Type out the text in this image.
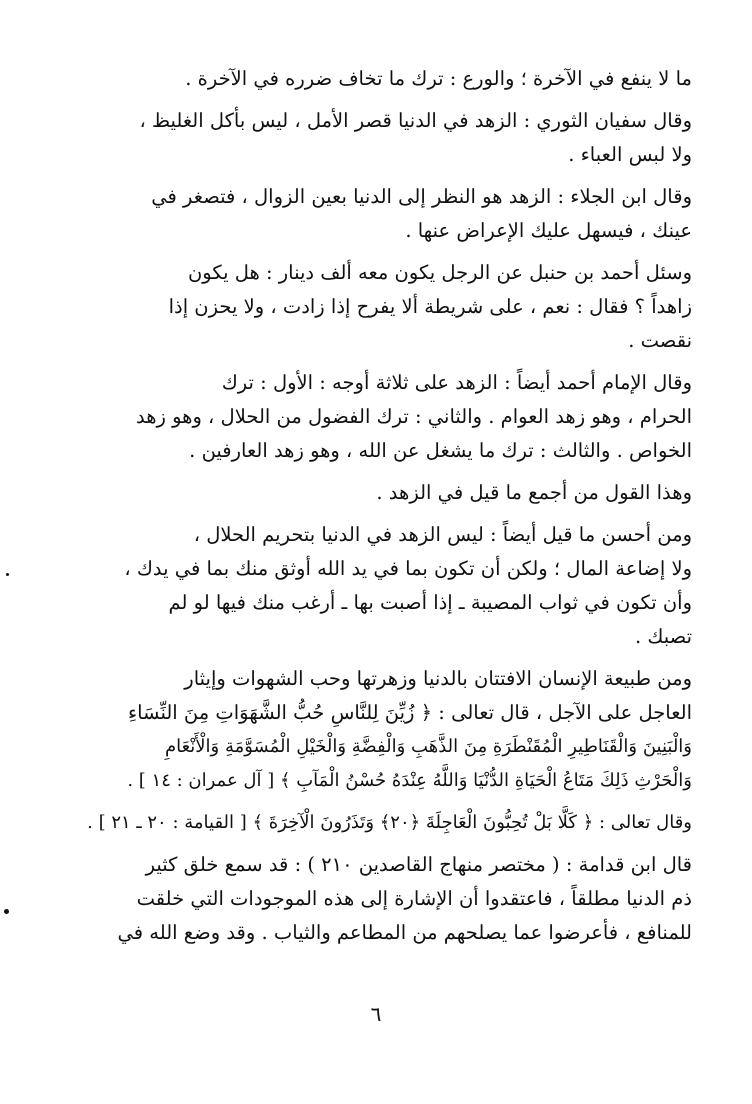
ما لا ينفع في الآخرة ؛ والورع : ترك ما تخاف ضرره في الآخرة .

وقال سفيان الثوري : الزهد في الدنيا قصر الأمل ، ليس بأكل الغليظ ،
ولا لبس العباء .

وقال ابن الجلاء : الزهد هو النظر إلى الدنيا بعين الزوال ، فتصغر في
عينك ، فيسهل عليك الإعراض عنها .

وسئل أحمد بن حنبل عن الرجل يكون معه ألف دينار : هل يكون
زاهداً ؟ فقال : نعم ، على شريطة ألا يفرح إذا زادت ، ولا يحزن إذا
نقصت .

وقال الإمام أحمد أيضاً : الزهد على ثلاثة أوجه : الأول : ترك
الحرام ، وهو زهد العوام . والثاني : ترك الفضول من الحلال ، وهو زهد
الخواص . والثالث : ترك ما يشغل عن الله ، وهو زهد العارفين .

وهذا القول من أجمع ما قيل في الزهد .

ومن أحسن ما قيل أيضاً : ليس الزهد في الدنيا بتحريم الحلال ،
ولا إضاعة المال ؛ ولكن أن تكون بما في يد الله أوثق منك بما في يدك ،
وأن تكون في ثواب المصيبة ـ إذا أصبت بها ـ أرغب منك فيها لو لم
تصبك .

ومن طبيعة الإنسان الافتتان بالدنيا وزهرتها وحب الشهوات وإيثار
العاجل على الآجل ، قال تعالى : ﴿ زُيِّنَ لِلنَّاسِ حُبُّ الشَّهَوَاتِ مِنَ النِّسَاءِ
وَالْبَنِينَ وَالْقَنَاطِيرِ الْمُقَنْطَرَةِ مِنَ الذَّهَبِ وَالْفِضَّةِ وَالْخَيْلِ الْمُسَوَّمَةِ وَالْأَنْعَامِ
وَالْحَرْثِ ذَلِكَ مَتَاعُ الْحَيَاةِ الدُّنْيَا وَاللَّهُ عِنْدَهُ حُسْنُ الْمَآبِ ﴾ [ آل عمران : ١٤ ] .

وقال تعالى : ﴿ كَلَّا بَلْ تُحِبُّونَ الْعَاجِلَةَ ﴿٢٠﴾ وَتَذَرُونَ الْآخِرَةَ ﴾ [ القيامة : ٢٠ ـ ٢١ ] .

قال ابن قدامة : ( مختصر منهاج القاصدين ٢١٠ ) : قد سمع خلق كثير
ذم الدنيا مطلقاً ، فاعتقدوا أن الإشارة إلى هذه الموجودات التي خلقت
للمنافع ، فأعرضوا عما يصلحهم من المطاعم والثياب . وقد وضع الله في

٦
